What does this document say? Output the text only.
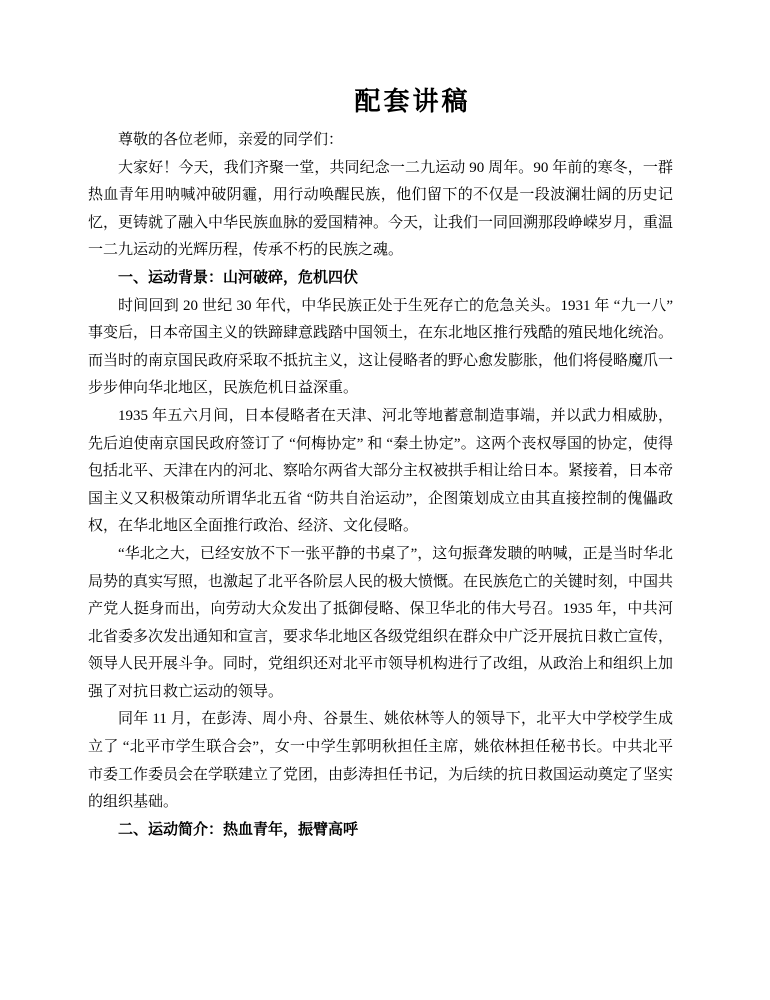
配套讲稿

尊敬的各位老师，亲爱的同学们：

大家好！今天，我们齐聚一堂，共同纪念一二九运动 90 周年。90 年前的寒冬，一群热血青年用呐喊冲破阴霾，用行动唤醒民族，他们留下的不仅是一段波澜壮阔的历史记忆，更铸就了融入中华民族血脉的爱国精神。今天，让我们一同回溯那段峥嵘岁月，重温一二九运动的光辉历程，传承不朽的民族之魂。

一、运动背景：山河破碎，危机四伏

时间回到 20 世纪 30 年代，中华民族正处于生死存亡的危急关头。1931 年 “九一八” 事变后，日本帝国主义的铁蹄肆意践踏中国领土，在东北地区推行残酷的殖民地化统治。而当时的南京国民政府采取不抵抗主义，这让侵略者的野心愈发膨胀，他们将侵略魔爪一步步伸向华北地区，民族危机日益深重。

1935 年五六月间，日本侵略者在天津、河北等地蓄意制造事端，并以武力相威胁，先后迫使南京国民政府签订了 “何梅协定” 和 “秦土协定”。这两个丧权辱国的协定，使得包括北平、天津在内的河北、察哈尔两省大部分主权被拱手相让给日本。紧接着，日本帝国主义又积极策动所谓华北五省 “防共自治运动”，企图策划成立由其直接控制的傀儡政权，在华北地区全面推行政治、经济、文化侵略。

“华北之大，已经安放不下一张平静的书桌了”，这句振聋发聩的呐喊，正是当时华北局势的真实写照，也激起了北平各阶层人民的极大愤慨。在民族危亡的关键时刻，中国共产党人挺身而出，向劳动大众发出了抵御侵略、保卫华北的伟大号召。1935 年，中共河北省委多次发出通知和宣言，要求华北地区各级党组织在群众中广泛开展抗日救亡宣传，领导人民开展斗争。同时，党组织还对北平市领导机构进行了改组，从政治上和组织上加强了对抗日救亡运动的领导。

同年 11 月，在彭涛、周小舟、谷景生、姚依林等人的领导下，北平大中学校学生成立了 “北平市学生联合会”，女一中学生郭明秋担任主席，姚依林担任秘书长。中共北平市委工作委员会在学联建立了党团，由彭涛担任书记，为后续的抗日救国运动奠定了坚实的组织基础。

二、运动简介：热血青年，振臂高呼
